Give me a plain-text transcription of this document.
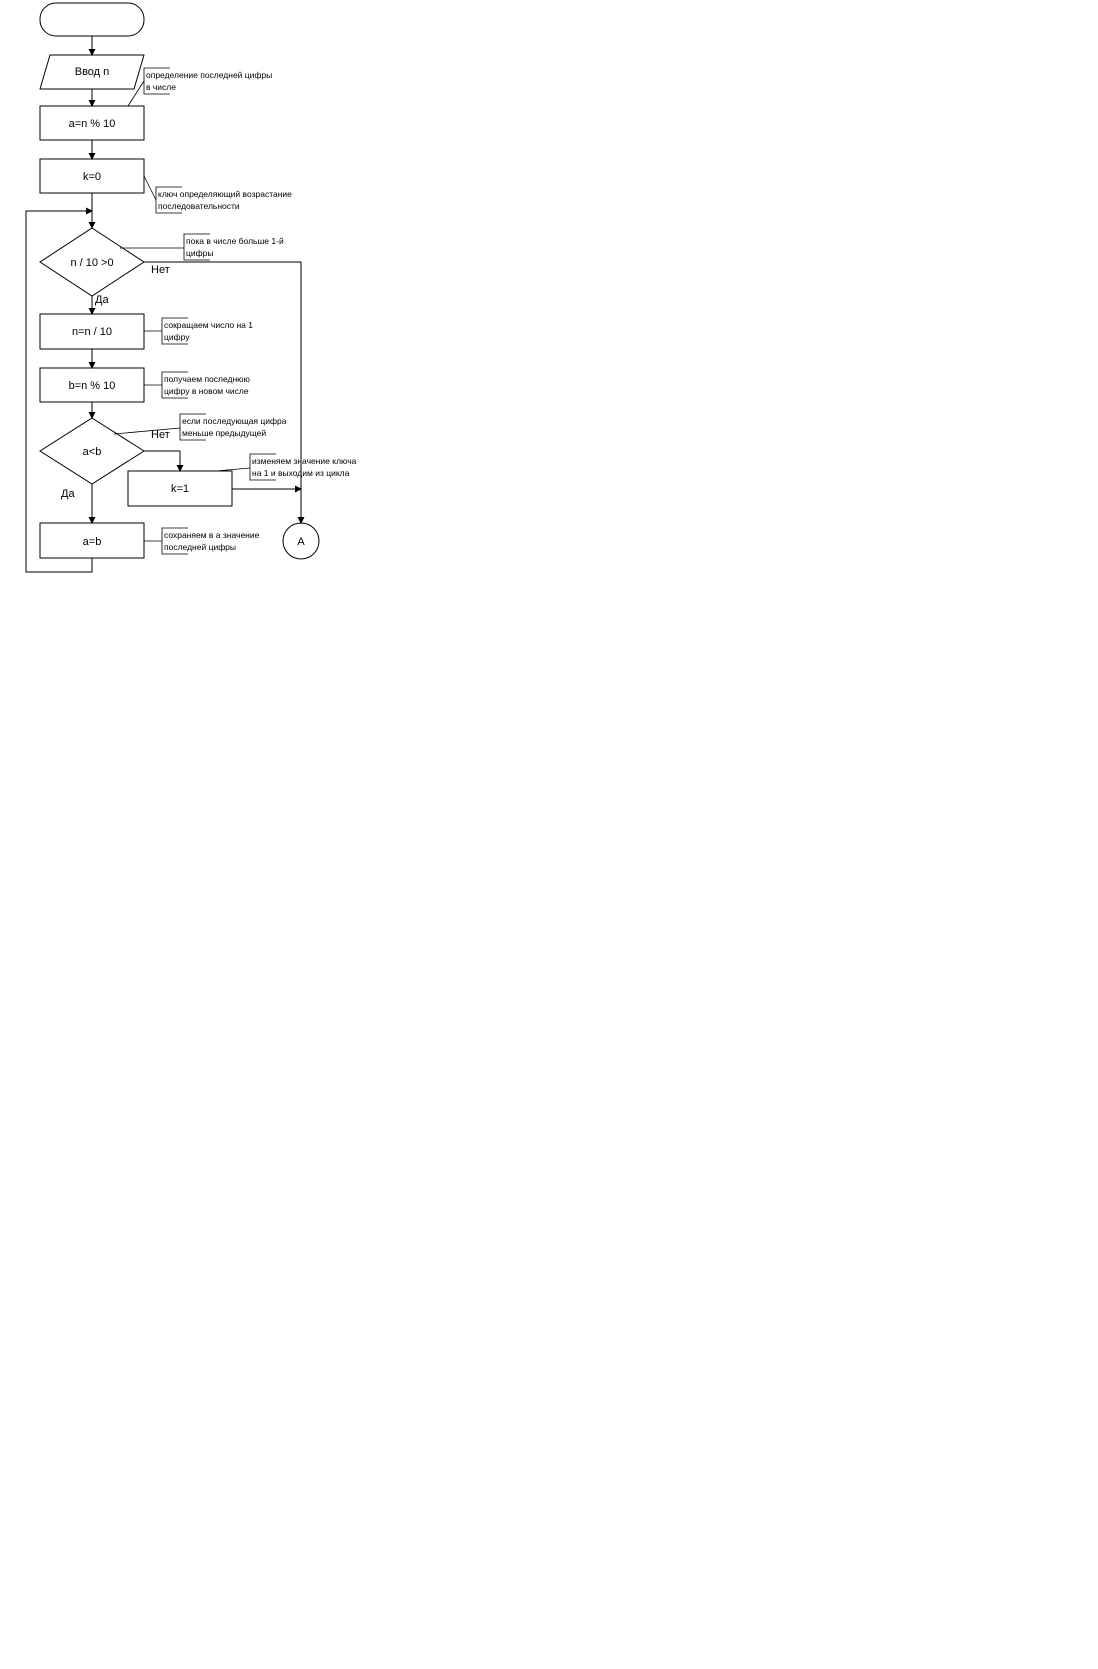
Ввод n
a=n % 10
k=0
n / 10 >0
n=n / 10
b=n % 10
a<b
k=1
a=b	A
Нет
Да
Нет
Да
определение последней цифры
в числе
ключ определяющий возрастание
последовательности
пока в числе больше 1-й
цифры
сокращаем число на 1
цифру
получаем последнюю
цифру в новом числе
если последующая цифра
меньше предыдущей
изменяем значение ключа
на 1 и выходим из цикла
сохраняем в a значение
последней цифры
